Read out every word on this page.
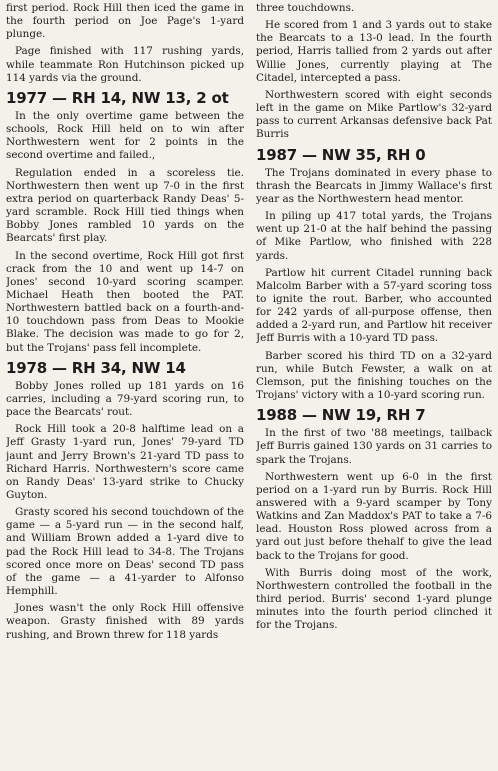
first period. Rock Hill then iced the game in the fourth period on Joe Page's 1-yard plunge.

Page finished with 117 rushing yards, while teammate Ron Hutchinson picked up 114 yards via the ground.

1977 — RH 14, NW 13, 2 ot

In the only overtime game between the schools, Rock Hill held on to win after Northwestern went for 2 points in the second overtime and failed.,

Regulation ended in a scoreless tie. Northwestern then went up 7-0 in the first extra period on quarterback Randy Deas' 5-yard scramble. Rock Hill tied things when Bobby Jones rambled 10 yards on the Bearcats' first play.

In the second overtime, Rock Hill got first crack from the 10 and went up 14-7 on Jones' second 10-yard scoring scamper. Michael Heath then booted the PAT. Northwestern battled back on a fourth-and-10 touchdown pass from Deas to Mookie Blake. The decision was made to go for 2, but the Trojans' pass fell incomplete.

1978 — RH 34, NW 14

Bobby Jones rolled up 181 yards on 16 carries, including a 79-yard scoring run, to pace the Bearcats' rout.

Rock Hill took a 20-8 halftime lead on a Jeff Grasty 1-yard run, Jones' 79-yard TD jaunt and Jerry Brown's 21-yard TD pass to Richard Harris. Northwestern's score came on Randy Deas' 13-yard strike to Chucky Guyton.

Grasty scored his second touchdown of the game — a 5-yard run — in the second half, and William Brown added a 1-yard dive to pad the Rock Hill lead to 34-8. The Trojans scored once more on Deas' second TD pass of the game — a 41-yarder to Alfonso Hemphill.

Jones wasn't the only Rock Hill offensive weapon. Grasty finished with 89 yards rushing, and Brown threw for 118 yards

three touchdowns.

He scored from 1 and 3 yards out to stake the Bearcats to a 13-0 lead. In the fourth period, Harris tallied from 2 yards out after Willie Jones, currently playing at The Citadel, intercepted a pass.

Northwestern scored with eight seconds left in the game on Mike Partlow's 32-yard pass to current Arkansas defensive back Pat Burris

1987 — NW 35, RH 0

The Trojans dominated in every phase to thrash the Bearcats in Jimmy Wallace's first year as the Northwestern head mentor.

In piling up 417 total yards, the Trojans went up 21-0 at the half behind the passing of Mike Partlow, who finished with 228 yards.

Partlow hit current Citadel running back Malcolm Barber with a 57-yard scoring toss to ignite the rout. Barber, who accounted for 242 yards of all-purpose offense, then added a 2-yard run, and Partlow hit receiver Jeff Burris with a 10-yard TD pass.

Barber scored his third TD on a 32-yard run, while Butch Fewster, a walk on at Clemson, put the finishing touches on the Trojans' victory with a 10-yard scoring run.

1988 — NW 19, RH 7

In the first of two '88 meetings, tailback Jeff Burris gained 130 yards on 31 carries to spark the Trojans.

Northwestern went up 6-0 in the first period on a 1-yard run by Burris. Rock Hill answered with a 9-yard scamper by Tony Watkins and Zan Maddox's PAT to take a 7-6 lead. Houston Ross plowed across from a yard out just before thehalf to give the lead back to the Trojans for good.

With Burris doing most of the work, Northwestern controlled the football in the third period. Burris' second 1-yard plunge minutes into the fourth period clinched it for the Trojans.
